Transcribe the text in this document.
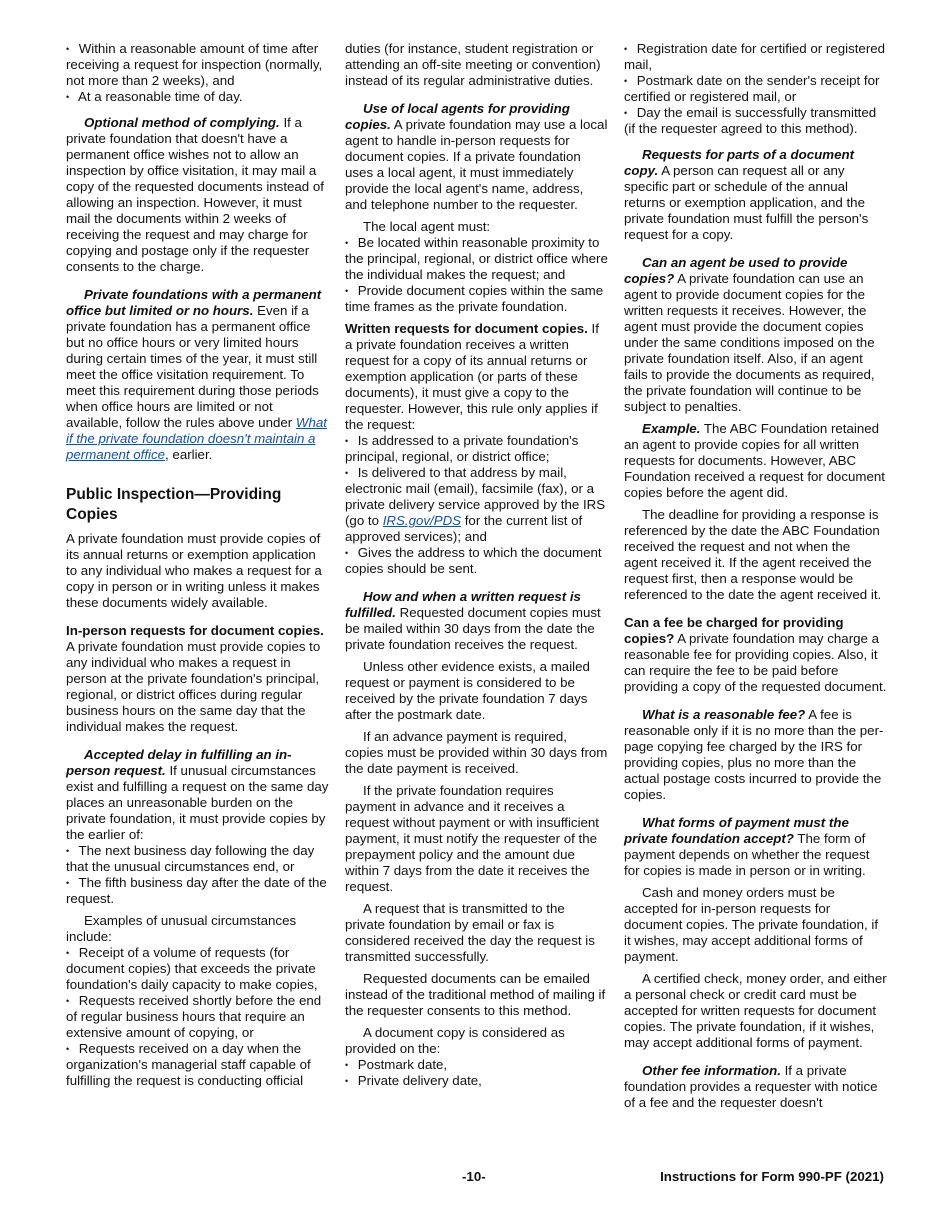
• Within a reasonable amount of time after receiving a request for inspection (normally, not more than 2 weeks), and
• At a reasonable time of day.

Optional method of complying. If a private foundation that doesn't have a permanent office wishes not to allow an inspection by office visitation, it may mail a copy of the requested documents instead of allowing an inspection. However, it must mail the documents within 2 weeks of receiving the request and may charge for copying and postage only if the requester consents to the charge.

Private foundations with a permanent office but limited or no hours. Even if a private foundation has a permanent office but no office hours or very limited hours during certain times of the year, it must still meet the office visitation requirement. To meet this requirement during those periods when office hours are limited or not available, follow the rules above under What if the private foundation doesn't maintain a permanent office, earlier.

Public Inspection—Providing Copies

A private foundation must provide copies of its annual returns or exemption application to any individual who makes a request for a copy in person or in writing unless it makes these documents widely available.

In-person requests for document copies. A private foundation must provide copies to any individual who makes a request in person at the private foundation's principal, regional, or district offices during regular business hours on the same day that the individual makes the request.

Accepted delay in fulfilling an in-person request. If unusual circumstances exist and fulfilling a request on the same day places an unreasonable burden on the private foundation, it must provide copies by the earlier of:

• The next business day following the day that the unusual circumstances end, or
• The fifth business day after the date of the request.

Examples of unusual circumstances include:

• Receipt of a volume of requests (for document copies) that exceeds the private foundation's daily capacity to make copies,
• Requests received shortly before the end of regular business hours that require an extensive amount of copying, or
• Requests received on a day when the organization's managerial staff capable of fulfilling the request is conducting official

duties (for instance, student registration or attending an off-site meeting or convention) instead of its regular administrative duties.

Use of local agents for providing copies. A private foundation may use a local agent to handle in-person requests for document copies. If a private foundation uses a local agent, it must immediately provide the local agent's name, address, and telephone number to the requester.

The local agent must:

• Be located within reasonable proximity to the principal, regional, or district office where the individual makes the request; and
• Provide document copies within the same time frames as the private foundation.

Written requests for document copies. If a private foundation receives a written request for a copy of its annual returns or exemption application (or parts of these documents), it must give a copy to the requester. However, this rule only applies if the request:

• Is addressed to a private foundation's principal, regional, or district office;
• Is delivered to that address by mail, electronic mail (email), facsimile (fax), or a private delivery service approved by the IRS (go to IRS.gov/PDS for the current list of approved services); and
• Gives the address to which the document copies should be sent.

How and when a written request is fulfilled. Requested document copies must be mailed within 30 days from the date the private foundation receives the request.

Unless other evidence exists, a mailed request or payment is considered to be received by the private foundation 7 days after the postmark date.

If an advance payment is required, copies must be provided within 30 days from the date payment is received.

If the private foundation requires payment in advance and it receives a request without payment or with insufficient payment, it must notify the requester of the prepayment policy and the amount due within 7 days from the date it receives the request.

A request that is transmitted to the private foundation by email or fax is considered received the day the request is transmitted successfully.

Requested documents can be emailed instead of the traditional method of mailing if the requester consents to this method.

A document copy is considered as provided on the:

• Postmark date,
• Private delivery date,
• Registration date for certified or registered mail,
• Postmark date on the sender's receipt for certified or registered mail, or
• Day the email is successfully transmitted (if the requester agreed to this method).

Requests for parts of a document copy. A person can request all or any specific part or schedule of the annual returns or exemption application, and the private foundation must fulfill the person's request for a copy.

Can an agent be used to provide copies? A private foundation can use an agent to provide document copies for the written requests it receives. However, the agent must provide the document copies under the same conditions imposed on the private foundation itself. Also, if an agent fails to provide the documents as required, the private foundation will continue to be subject to penalties.

Example. The ABC Foundation retained an agent to provide copies for all written requests for documents. However, ABC Foundation received a request for document copies before the agent did.

The deadline for providing a response is referenced by the date the ABC Foundation received the request and not when the agent received it. If the agent received the request first, then a response would be referenced to the date the agent received it.

Can a fee be charged for providing copies? A private foundation may charge a reasonable fee for providing copies. Also, it can require the fee to be paid before providing a copy of the requested document.

What is a reasonable fee? A fee is reasonable only if it is no more than the per-page copying fee charged by the IRS for providing copies, plus no more than the actual postage costs incurred to provide the copies.

What forms of payment must the private foundation accept? The form of payment depends on whether the request for copies is made in person or in writing.

Cash and money orders must be accepted for in-person requests for document copies. The private foundation, if it wishes, may accept additional forms of payment.

A certified check, money order, and either a personal check or credit card must be accepted for written requests for document copies. The private foundation, if it wishes, may accept additional forms of payment.

Other fee information. If a private foundation provides a requester with notice of a fee and the requester doesn't

-10-	Instructions for Form 990-PF (2021)
